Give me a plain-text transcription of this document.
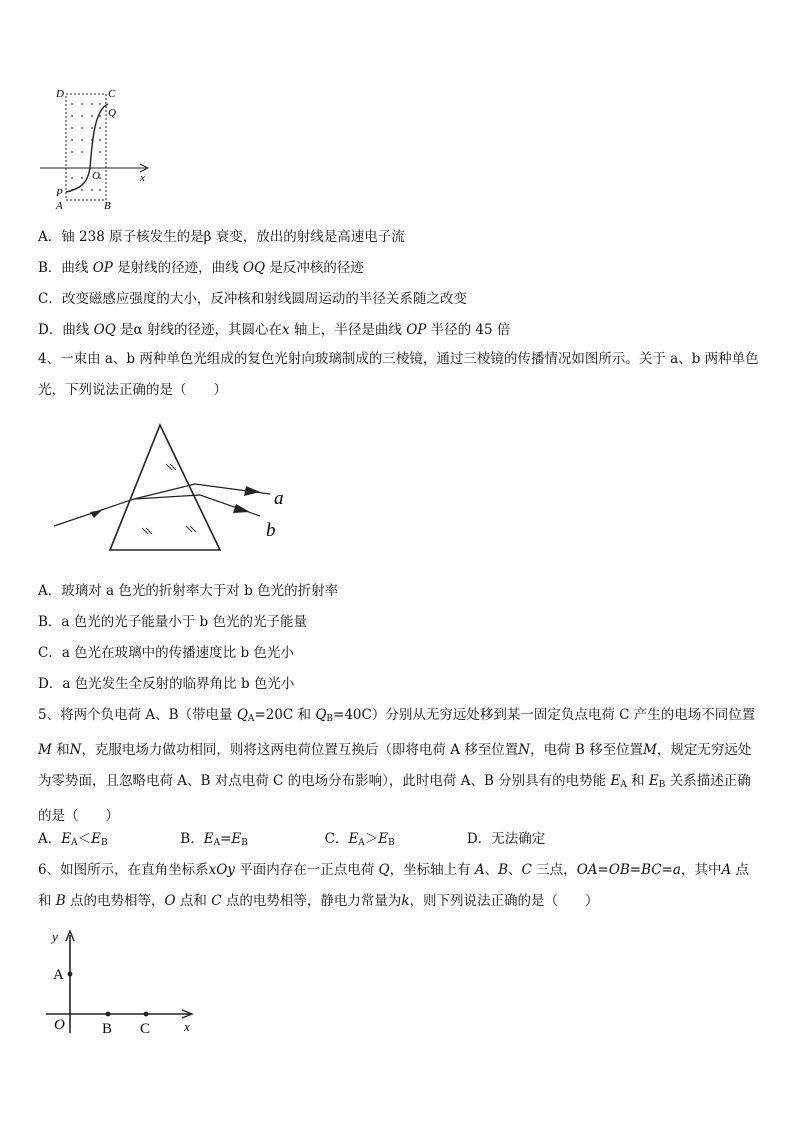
D	C
Q
O	x
P
A	B
A．铀 238 原子核发生的是β 衰变，放出的射线是高速电子流
B．曲线 OP 是射线的径迹，曲线 OQ 是反冲核的径迹
C．改变磁感应强度的大小，反冲核和射线圆周运动的半径关系随之改变
D．曲线 OQ 是α 射线的径迹，其圆心在x 轴上，半径是曲线 OP 半径的 45 倍
4、一束由 a、b 两种单色光组成的复色光射向玻璃制成的三棱镜，通过三棱镜的传播情况如图所示。关于 a、b 两种单色光，下列说法正确的是（　　）
a
b
A．玻璃对 a 色光的折射率大于对 b 色光的折射率
B．a 色光的光子能量小于 b 色光的光子能量
C．a 色光在玻璃中的传播速度比 b 色光小
D．a 色光发生全反射的临界角比 b 色光小
5、将两个负电荷 A、B（带电量 $Q_A=20C$ 和 $Q_B=40C$）分别从无穷远处移到某一固定负点电荷 C 产生的电场不同位置 M 和N，克服电场力做功相同，则将这两电荷位置互换后（即将电荷 A 移至位置N，电荷 B 移至位置M，规定无穷远处为零势面，且忽略电荷 A、B 对点电荷 C 的电场分布影响），此时电荷 A、B 分别具有的电势能 $E_A$ 和 $E_B$ 关系描述正确的是（　　）
A．$E_A<E_B$	B．$E_A=E_B$	C．$E_A>E_B$	D．无法确定
6、如图所示，在直角坐标系xOy 平面内存在一正点电荷 Q，坐标轴上有 A、B、C 三点，OA=OB=BC=a，其中A 点和 B 点的电势相等，O 点和 C 点的电势相等，静电力常量为k，则下列说法正确的是（　　）
y
A
O B C	x
